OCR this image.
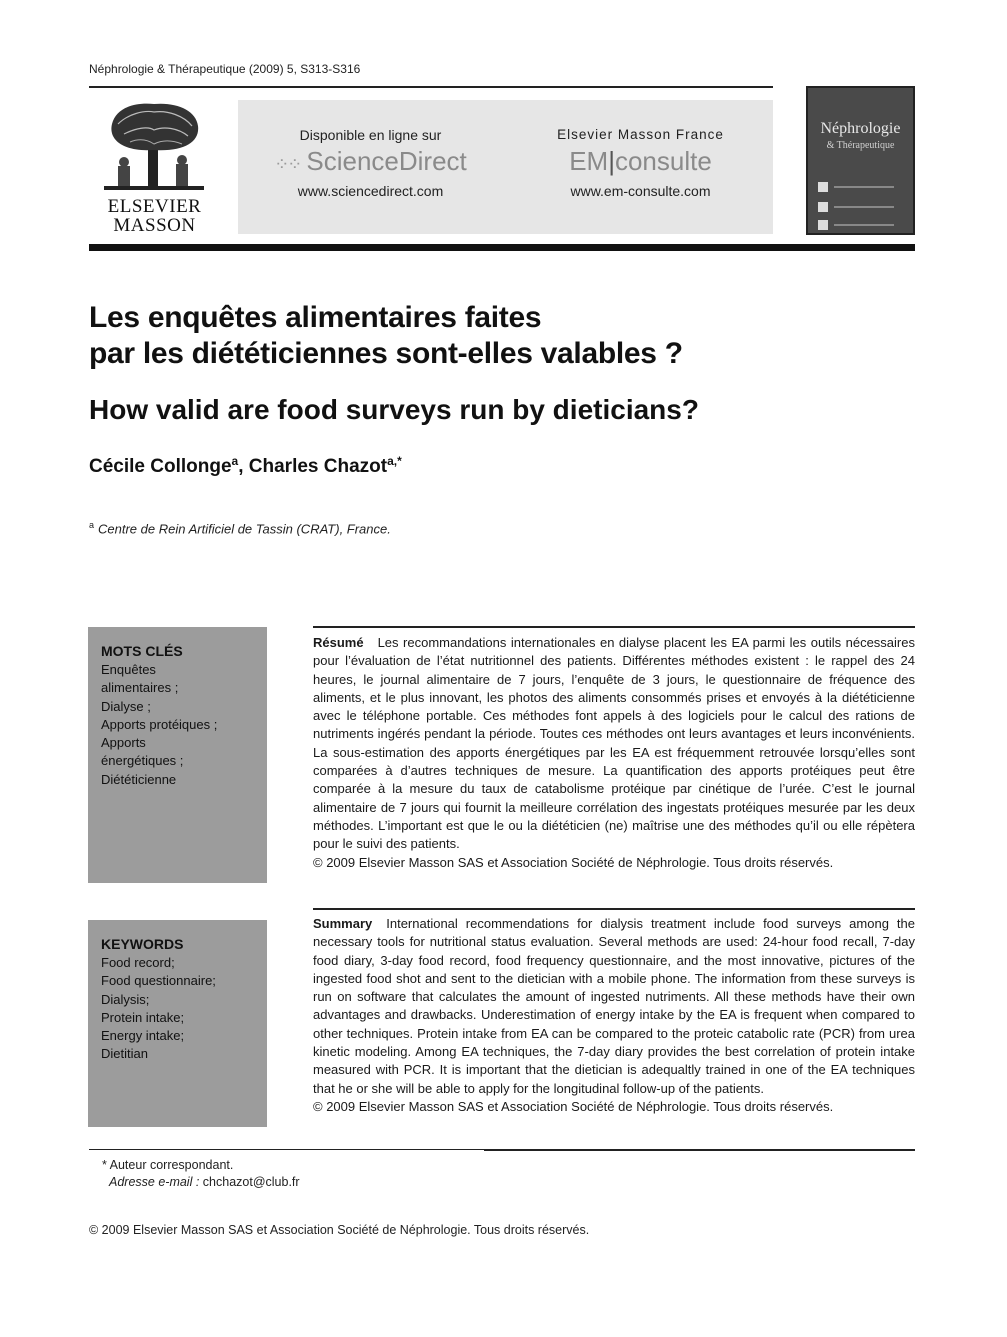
Néphrologie & Thérapeutique (2009) 5, S313-S316
ELSEVIER
MASSON
Disponible en ligne sur
⁘⁘ ScienceDirect
www.sciencedirect.com
Elsevier Masson France
EM|consulte
www.em-consulte.com
Néphrologie
& Thérapeutique
Les enquêtes alimentaires faites
par les diététiciennes sont-elles valables ?
How valid are food surveys run by dieticians?
Cécile Collonge$^a$, Charles Chazot$^{a,*}$
$^a$ Centre de Rein Artificiel de Tassin (CRAT), France.
MOTS CLÉS
Enquêtes
alimentaires ;
Dialyse ;
Apports protéiques ;
Apports
énergétiques ;
Diététicienne

Résumé Les recommandations internationales en dialyse placent les EA parmi les outils nécessaires pour l’évaluation de l’état nutritionnel des patients. Différentes méthodes existent : le rappel des 24 heures, le journal alimentaire de 7 jours, l’enquête de 3 jours, le questionnaire de fréquence des aliments, et le plus innovant, les photos des aliments consommés prises et envoyés à la diététicienne avec le téléphone portable. Ces méthodes font appels à des logiciels pour le calcul des rations de nutriments ingérés pendant la période. Toutes ces méthodes ont leurs avantages et leurs inconvénients. La sous-estimation des apports énergétiques par les EA est fréquemment retrouvée lorsqu’elles sont comparées à d’autres techniques de mesure. La quantification des apports protéiques peut être comparée à la mesure du taux de catabolisme protéique par cinétique de l’urée. C’est le journal alimentaire de 7 jours qui fournit la meilleure corrélation des ingestats protéiques mesurée par les deux méthodes. L’important est que le ou la diététicien (ne) maîtrise une des méthodes qu’il ou elle répètera pour le suivi des patients.

© 2009 Elsevier Masson SAS et Association Société de Néphrologie. Tous droits réservés.

KEYWORDS
Food record;
Food questionnaire;
Dialysis;
Protein intake;
Energy intake;
Dietitian

Summary International recommendations for dialysis treatment include food surveys among the necessary tools for nutritional status evaluation. Several methods are used: 24-hour food recall, 7-day food diary, 3-day food record, food frequency questionnaire, and the most innovative, pictures of the ingested food shot and sent to the dietician with a mobile phone. The information from these surveys is run on software that calculates the amount of ingested nutriments. All these methods have their own advantages and drawbacks. Underestimation of energy intake by the EA is frequent when compared to other techniques. Protein intake from EA can be compared to the proteic catabolic rate (PCR) from urea kinetic modeling. Among EA techniques, the 7-day diary provides the best correlation of protein intake measured with PCR. It is important that the dietician is adequaltly trained in one of the EA techniques that he or she will be able to apply for the longitudinal follow-up of the patients.

© 2009 Elsevier Masson SAS et Association Société de Néphrologie. Tous droits réservés.

* Auteur correspondant.
Adresse e-mail : chchazot@club.fr
© 2009 Elsevier Masson SAS et Association Société de Néphrologie. Tous droits réservés.
